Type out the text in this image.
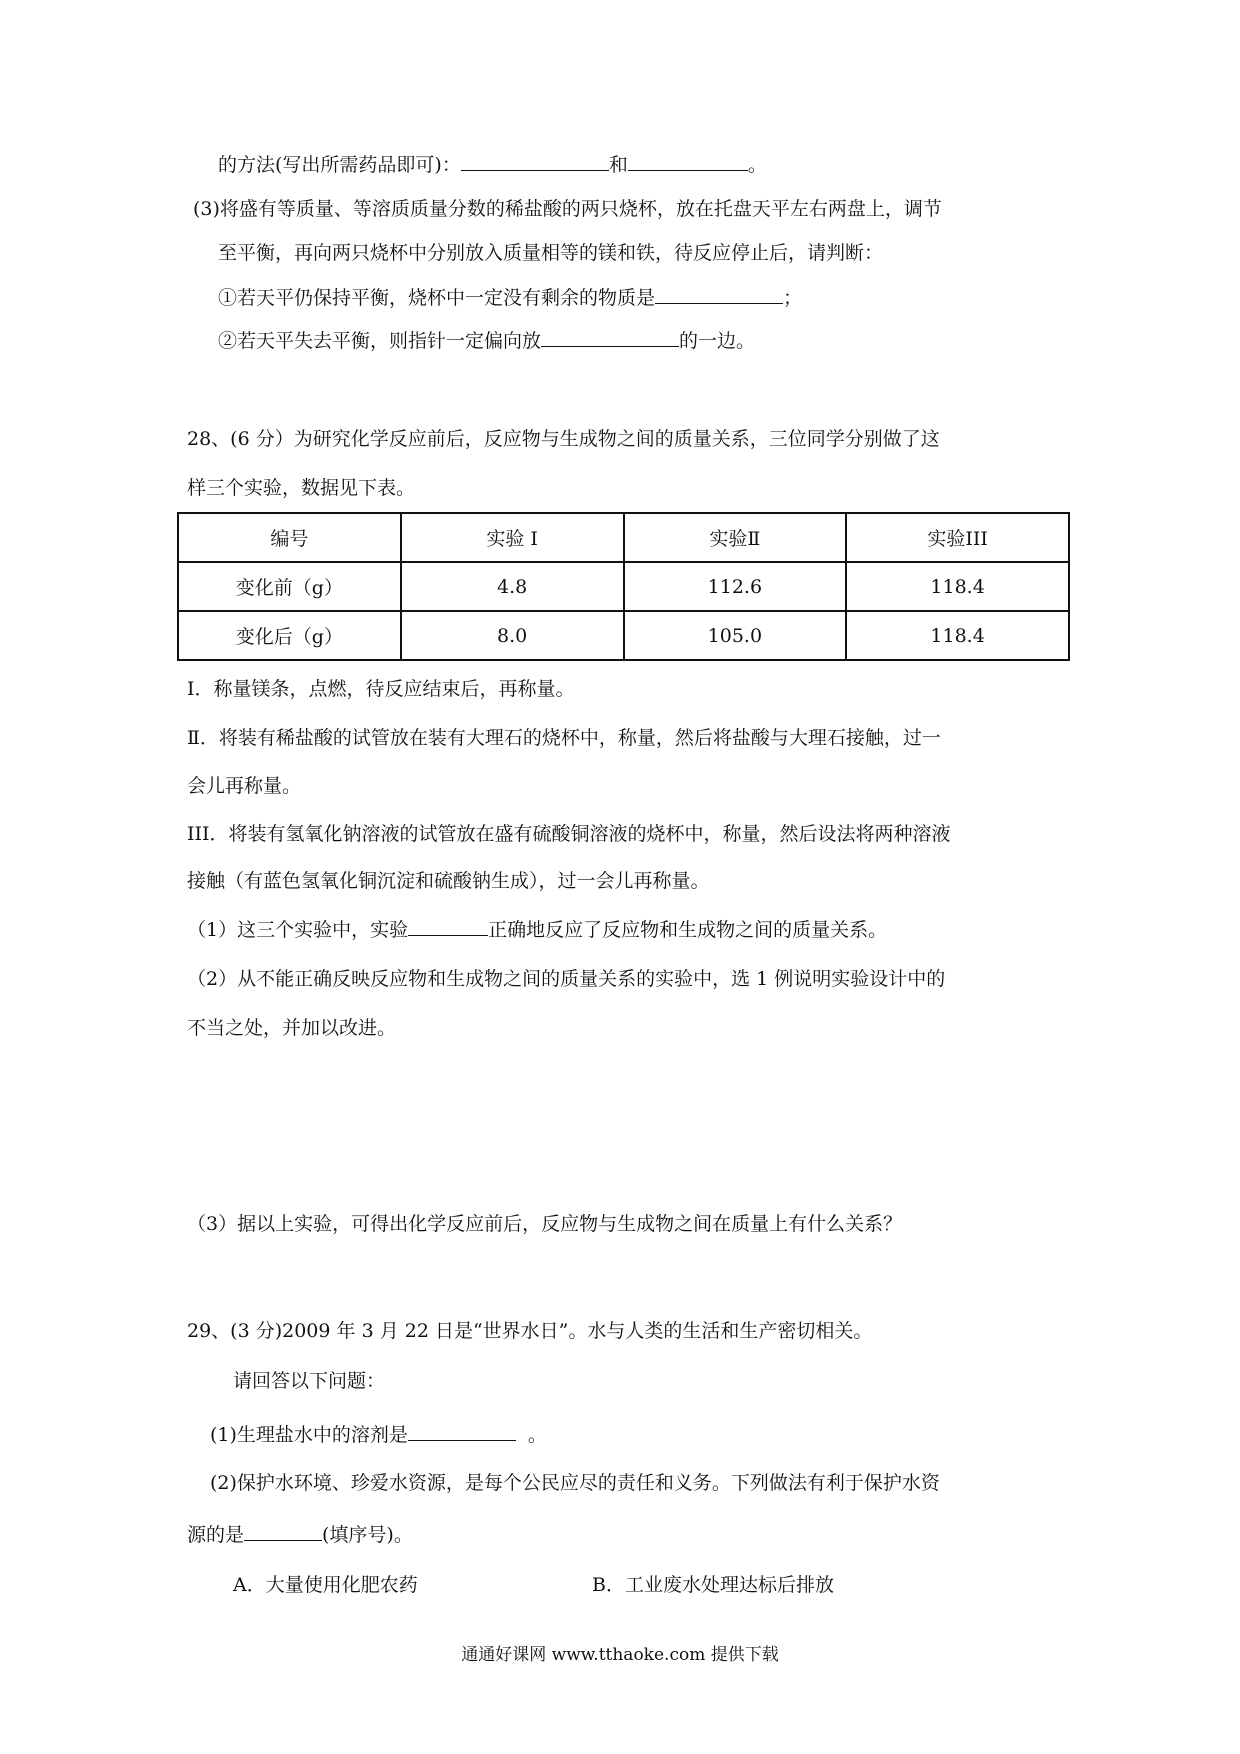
的方法(写出所需药品即可)：	和	。
(3)将盛有等质量、等溶质质量分数的稀盐酸的两只烧杯，放在托盘天平左右两盘上，调节
至平衡，再向两只烧杯中分别放入质量相等的镁和铁，待反应停止后，请判断：
①若天平仍保持平衡，烧杯中一定没有剩余的物质是	；
②若天平失去平衡，则指针一定偏向放	的一边。
28、(6 分）为研究化学反应前后，反应物与生成物之间的质量关系，三位同学分别做了这
样三个实验，数据见下表。
编号	实验 I	实验Ⅱ	实验III
变化前（g）	4.8	112.6	118.4
变化后（g）	8.0	105.0	118.4
I．称量镁条，点燃，待反应结束后，再称量。
Ⅱ．将装有稀盐酸的试管放在装有大理石的烧杯中，称量，然后将盐酸与大理石接触，过一
会儿再称量。
III．将装有氢氧化钠溶液的试管放在盛有硫酸铜溶液的烧杯中，称量，然后设法将两种溶液
接触（有蓝色氢氧化铜沉淀和硫酸钠生成），过一会儿再称量。
（1）这三个实验中，实验	正确地反应了反应物和生成物之间的质量关系。
（2）从不能正确反映反应物和生成物之间的质量关系的实验中，选 1 例说明实验设计中的
不当之处，并加以改进。
（3）据以上实验，可得出化学反应前后，反应物与生成物之间在质量上有什么关系？
29、(3 分)2009 年 3 月 22 日是“世界水日”。水与人类的生活和生产密切相关。
请回答以下问题：
(1)生理盐水中的溶剂是	。
(2)保护水环境、珍爱水资源，是每个公民应尽的责任和义务。下列做法有利于保护水资
源的是	(填序号)。
A．大量使用化肥农药	B．工业废水处理达标后排放
通通好课网 www.tthaoke.com 提供下载
